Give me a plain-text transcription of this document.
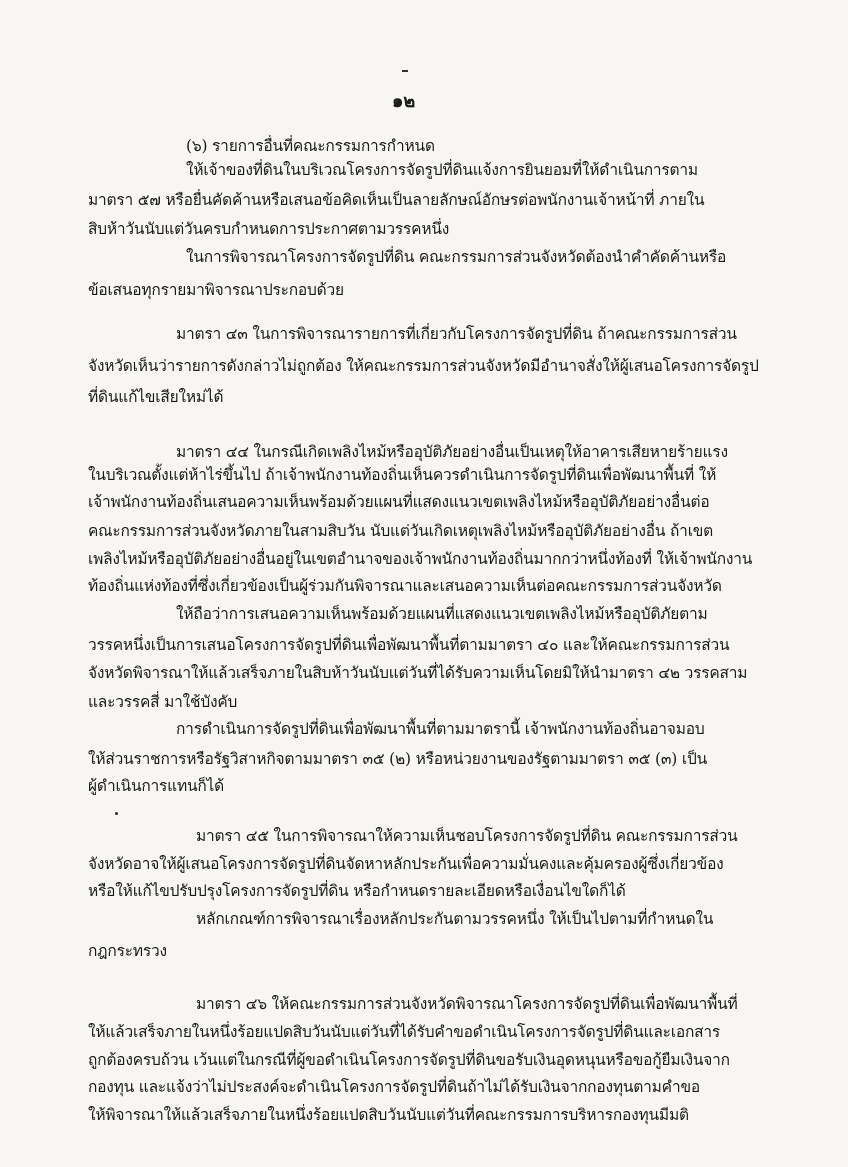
๑๒
(๖) รายการอื่นที่คณะกรรมการกำหนด
ให้เจ้าของที่ดินในบริเวณโครงการจัดรูปที่ดินแจ้งการยินยอมที่ให้ดำเนินการตาม
มาตรา ๕๗ หรือยื่นคัดค้านหรือเสนอข้อคิดเห็นเป็นลายลักษณ์อักษรต่อพนักงานเจ้าหน้าที่ ภายใน
สิบห้าวันนับแต่วันครบกำหนดการประกาศตามวรรคหนึ่ง
ในการพิจารณาโครงการจัดรูปที่ดิน คณะกรรมการส่วนจังหวัดต้องนำคำคัดค้านหรือ
ข้อเสนอทุกรายมาพิจารณาประกอบด้วย
มาตรา ๔๓ ในการพิจารณารายการที่เกี่ยวกับโครงการจัดรูปที่ดิน ถ้าคณะกรรมการส่วน
จังหวัดเห็นว่ารายการดังกล่าวไม่ถูกต้อง ให้คณะกรรมการส่วนจังหวัดมีอำนาจสั่งให้ผู้เสนอโครงการจัดรูป
ที่ดินแก้ไขเสียใหม่ได้
มาตรา ๔๔ ในกรณีเกิดเพลิงไหม้หรืออุบัติภัยอย่างอื่นเป็นเหตุให้อาคารเสียหายร้ายแรง
ในบริเวณตั้งแต่ห้าไร่ขึ้นไป ถ้าเจ้าพนักงานท้องถิ่นเห็นควรดำเนินการจัดรูปที่ดินเพื่อพัฒนาพื้นที่ ให้
เจ้าพนักงานท้องถิ่นเสนอความเห็นพร้อมด้วยแผนที่แสดงแนวเขตเพลิงไหม้หรืออุบัติภัยอย่างอื่นต่อ
คณะกรรมการส่วนจังหวัดภายในสามสิบวัน นับแต่วันเกิดเหตุเพลิงไหม้หรืออุบัติภัยอย่างอื่น ถ้าเขต
เพลิงไหม้หรืออุบัติภัยอย่างอื่นอยู่ในเขตอำนาจของเจ้าพนักงานท้องถิ่นมากกว่าหนึ่งท้องที่ ให้เจ้าพนักงาน
ท้องถิ่นแห่งท้องที่ซึ่งเกี่ยวข้องเป็นผู้ร่วมกันพิจารณาและเสนอความเห็นต่อคณะกรรมการส่วนจังหวัด
ให้ถือว่าการเสนอความเห็นพร้อมด้วยแผนที่แสดงแนวเขตเพลิงไหม้หรืออุบัติภัยตาม
วรรคหนึ่งเป็นการเสนอโครงการจัดรูปที่ดินเพื่อพัฒนาพื้นที่ตามมาตรา ๔๐ และให้คณะกรรมการส่วน
จังหวัดพิจารณาให้แล้วเสร็จภายในสิบห้าวันนับแต่วันที่ได้รับความเห็นโดยมิให้นำมาตรา ๔๒ วรรคสาม
และวรรคสี่ มาใช้บังคับ
การดำเนินการจัดรูปที่ดินเพื่อพัฒนาพื้นที่ตามมาตรานี้ เจ้าพนักงานท้องถิ่นอาจมอบ
ให้ส่วนราชการหรือรัฐวิสาหกิจตามมาตรา ๓๕ (๒) หรือหน่วยงานของรัฐตามมาตรา ๓๕ (๓) เป็น
ผู้ดำเนินการแทนก็ได้
มาตรา ๔๕ ในการพิจารณาให้ความเห็นชอบโครงการจัดรูปที่ดิน คณะกรรมการส่วน
จังหวัดอาจให้ผู้เสนอโครงการจัดรูปที่ดินจัดหาหลักประกันเพื่อความมั่นคงและคุ้มครองผู้ซึ่งเกี่ยวข้อง
หรือให้แก้ไขปรับปรุงโครงการจัดรูปที่ดิน หรือกำหนดรายละเอียดหรือเงื่อนไขใดก็ได้
หลักเกณฑ์การพิจารณาเรื่องหลักประกันตามวรรคหนึ่ง ให้เป็นไปตามที่กำหนดใน
กฎกระทรวง
มาตรา ๔๖ ให้คณะกรรมการส่วนจังหวัดพิจารณาโครงการจัดรูปที่ดินเพื่อพัฒนาพื้นที่
ให้แล้วเสร็จภายในหนึ่งร้อยแปดสิบวันนับแต่วันที่ได้รับคำขอดำเนินโครงการจัดรูปที่ดินและเอกสาร
ถูกต้องครบถ้วน เว้นแต่ในกรณีที่ผู้ขอดำเนินโครงการจัดรูปที่ดินขอรับเงินอุดหนุนหรือขอกู้ยืมเงินจาก
กองทุน และแจ้งว่าไม่ประสงค์จะดำเนินโครงการจัดรูปที่ดินถ้าไม่ได้รับเงินจากกองทุนตามคำขอ
ให้พิจารณาให้แล้วเสร็จภายในหนึ่งร้อยแปดสิบวันนับแต่วันที่คณะกรรมการบริหารกองทุนมีมติ
